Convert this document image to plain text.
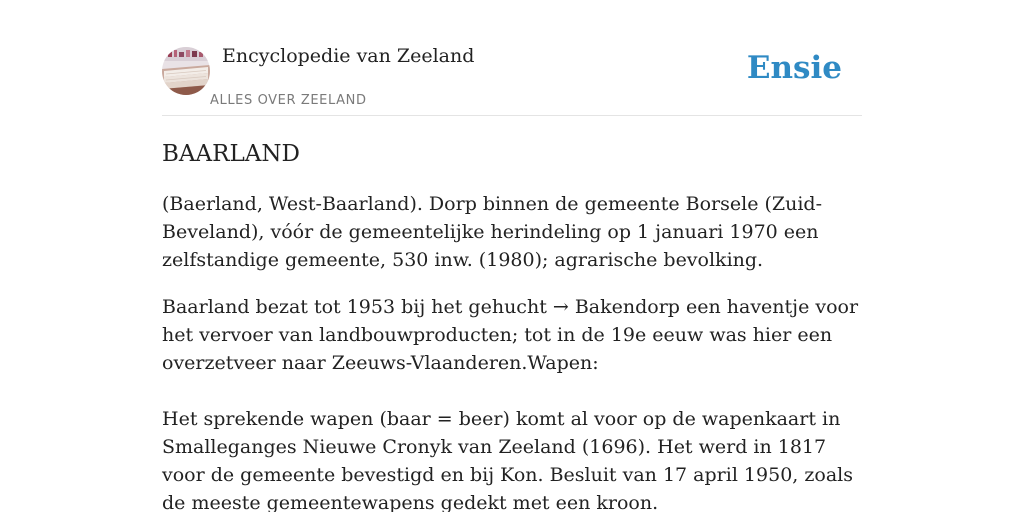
Encyclopedie van Zeeland
ALLES OVER ZEELAND
Ensie
BAARLAND

(Baerland, West-Baarland). Dorp binnen de gemeente Borsele (Zuid-Beveland), vóór de gemeentelijke herindeling op 1 januari 1970 een zelfstandige gemeente, 530 inw. (1980); agrarische bevolking.

Baarland bezat tot 1953 bij het gehucht → Bakendorp een haventje voor het vervoer van landbouwproducten; tot in de 19e eeuw was hier een overzetveer naar Zeeuws-Vlaanderen.Wapen:

Het sprekende wapen (baar = beer) komt al voor op de wapenkaart in Smalleganges Nieuwe Cronyk van Zeeland (1696). Het werd in 1817 voor de gemeente bevestigd en bij Kon. Besluit van 17 april 1950, zoals de meeste gemeentewapens gedekt met een kroon.
